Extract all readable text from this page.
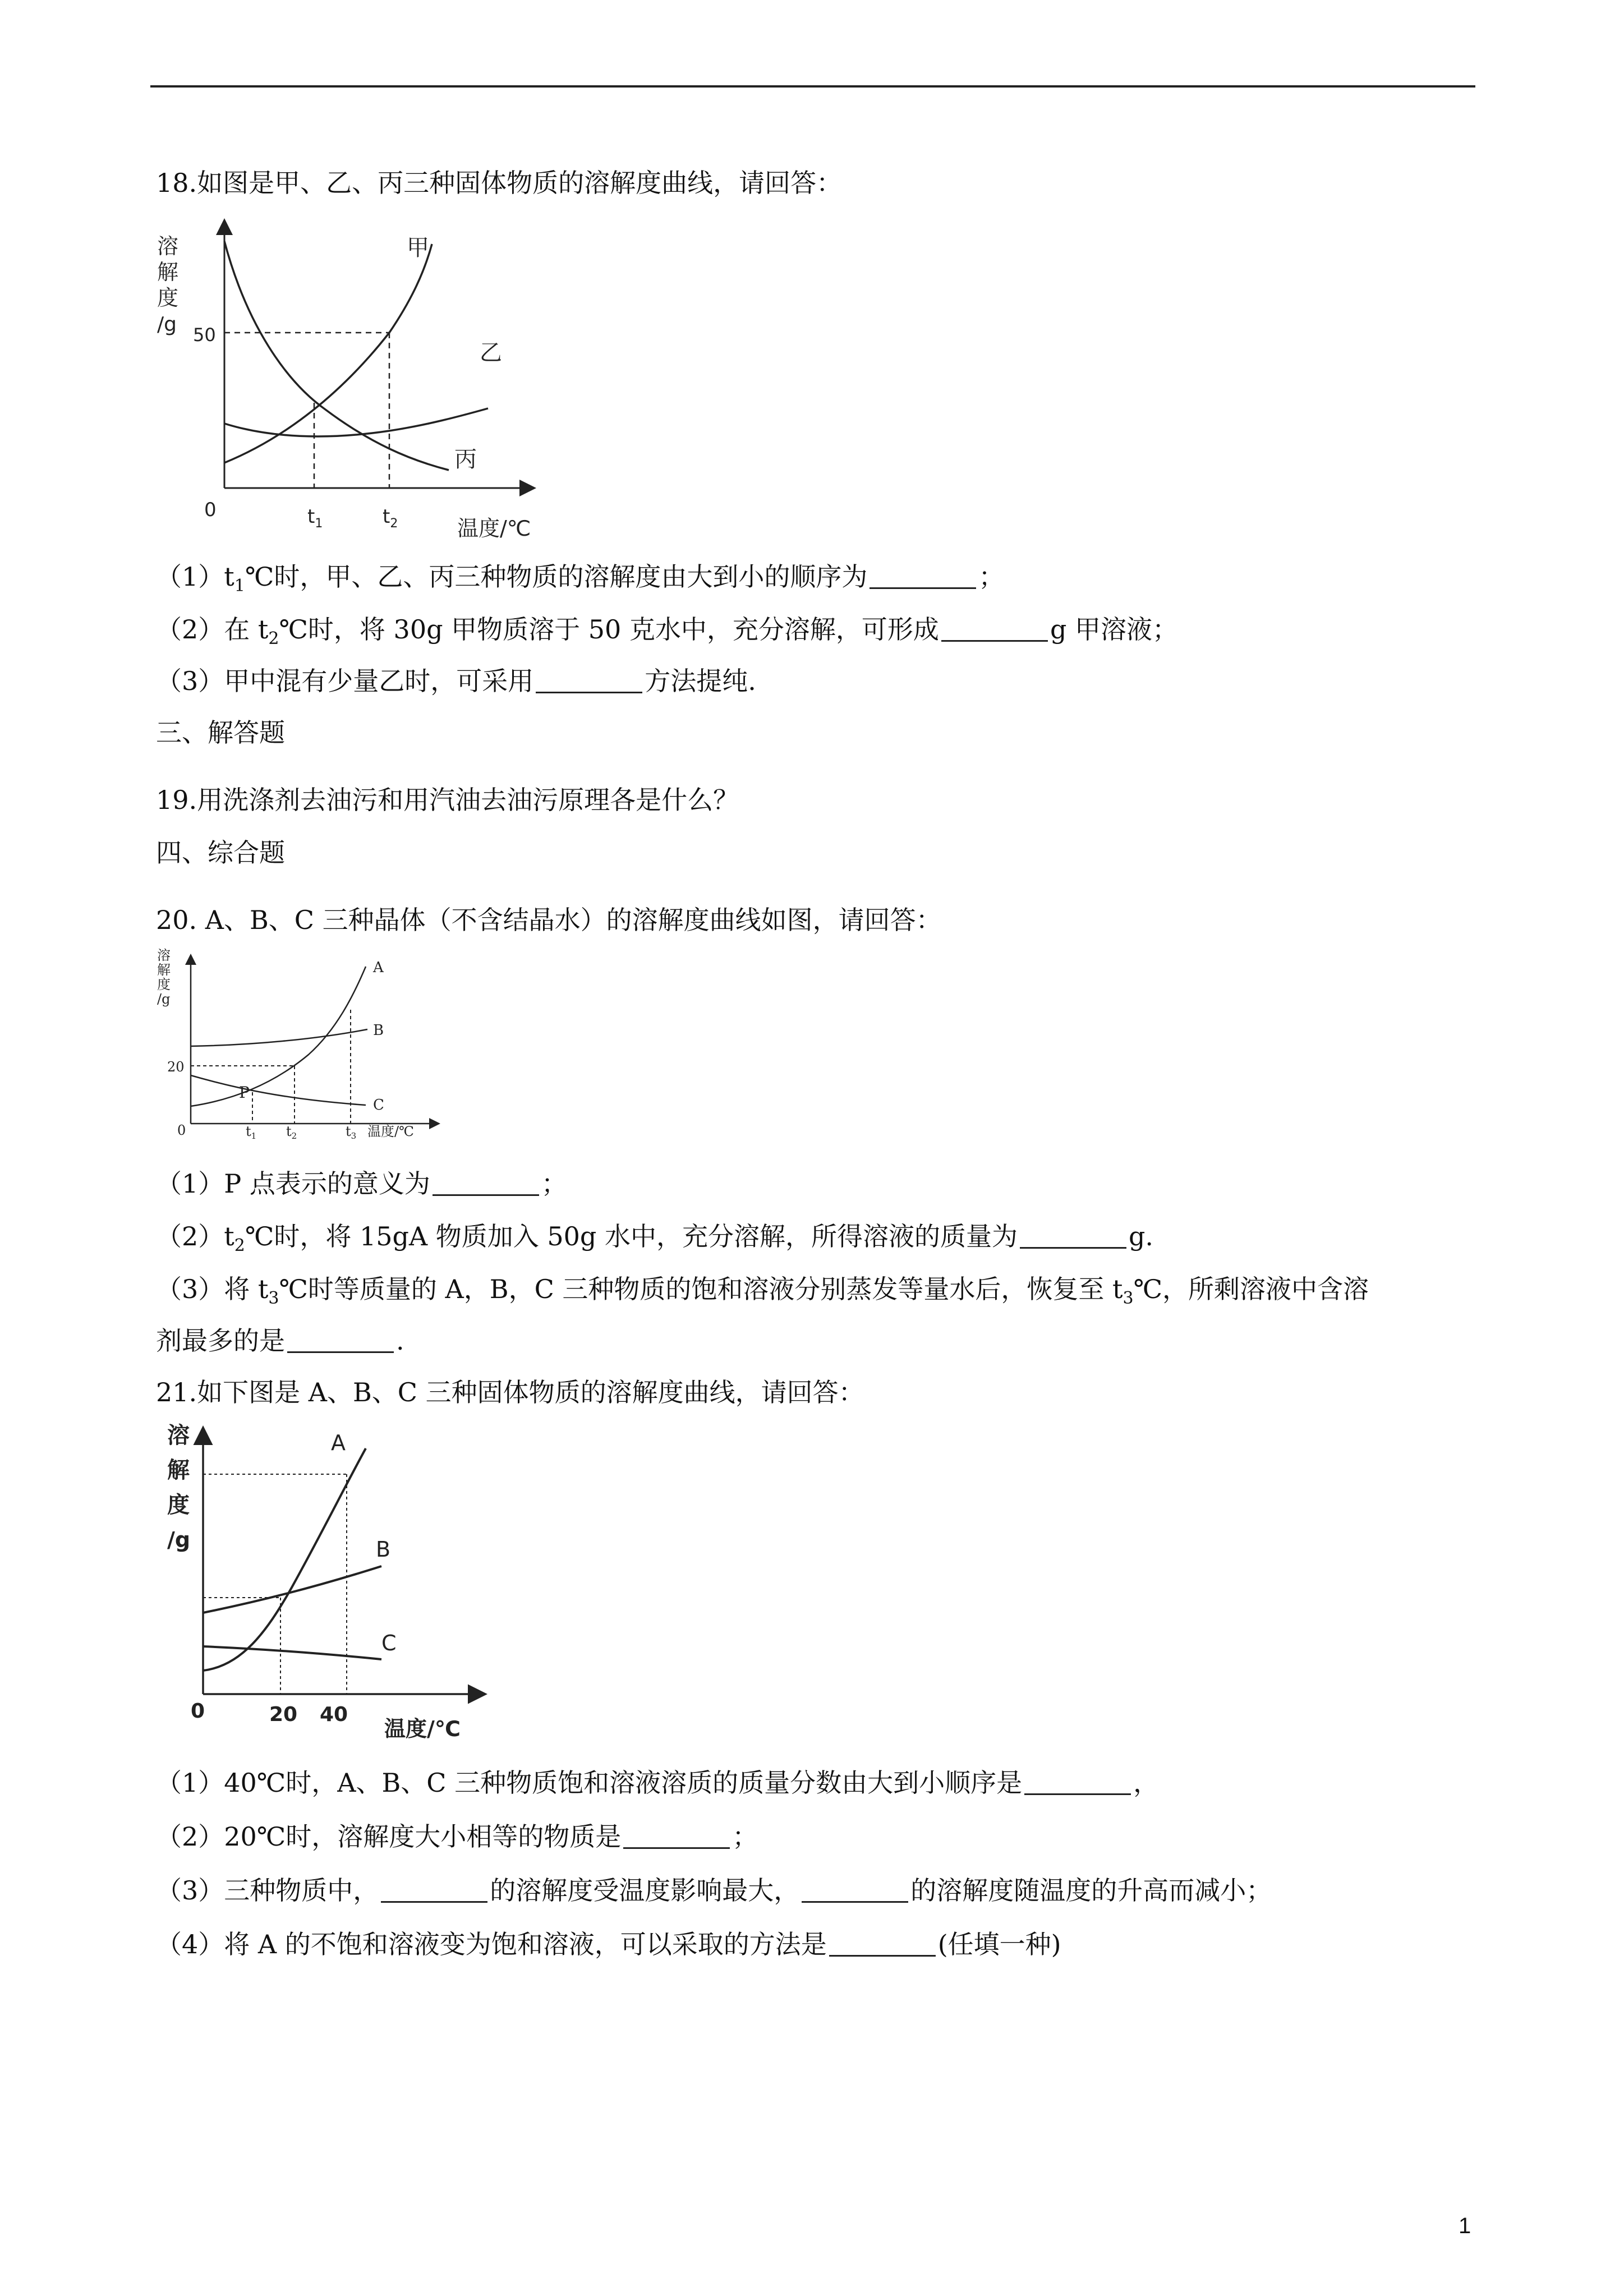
18.如图是甲、乙、丙三种固体物质的溶解度曲线，请回答：
溶
解
度
/g 50
0	$t_1$	$t_2$	温度/℃
甲
乙
丙
$(1)t_1℃$时，甲、乙、丙三种物质的溶解度由大到小的顺序为	；
（2）在 $t_2℃$时，将 30g 甲物质溶于 50 克水中，充分溶解，可形成	g 甲溶液；
（3）甲中混有少量乙时，可采用	方法提纯.
三、解答题
19.用洗涤剂去油污和用汽油去油污原理各是什么？
四、综合题
20. A、B、C 三种晶体（不含结晶水）的溶解度曲线如图，请回答：
溶
解
度
/g
20
0
P
$t_1$ $t_2$	$t_3$ 温度/℃
A
B
C
（1）P 点表示的意义为	；
$(2)t_2℃$时，将 15gA 物质加入 50g 水中，充分溶解，所得溶液的质量为	g.
（3）将 $t_3℃$时等质量的 A，B，C 三种物质的饱和溶液分别蒸发等量水后，恢复至 $t_3℃$，所剩溶液中含溶
剂最多的是	.
21.如下图是 A、B、C 三种固体物质的溶解度曲线，请回答：
溶
解
度
/g
0	20 40
温度/℃
A
B
C
（1）40℃时，A、B、C 三种物质饱和溶液溶质的质量分数由大到小顺序是	，
（2）20℃时，溶解度大小相等的物质是	；
（3）三种物质中，	的溶解度受温度影响最大，	的溶解度随温度的升高而减小；
（4）将 A 的不饱和溶液变为饱和溶液，可以采取的方法是	(任填一种)
1
